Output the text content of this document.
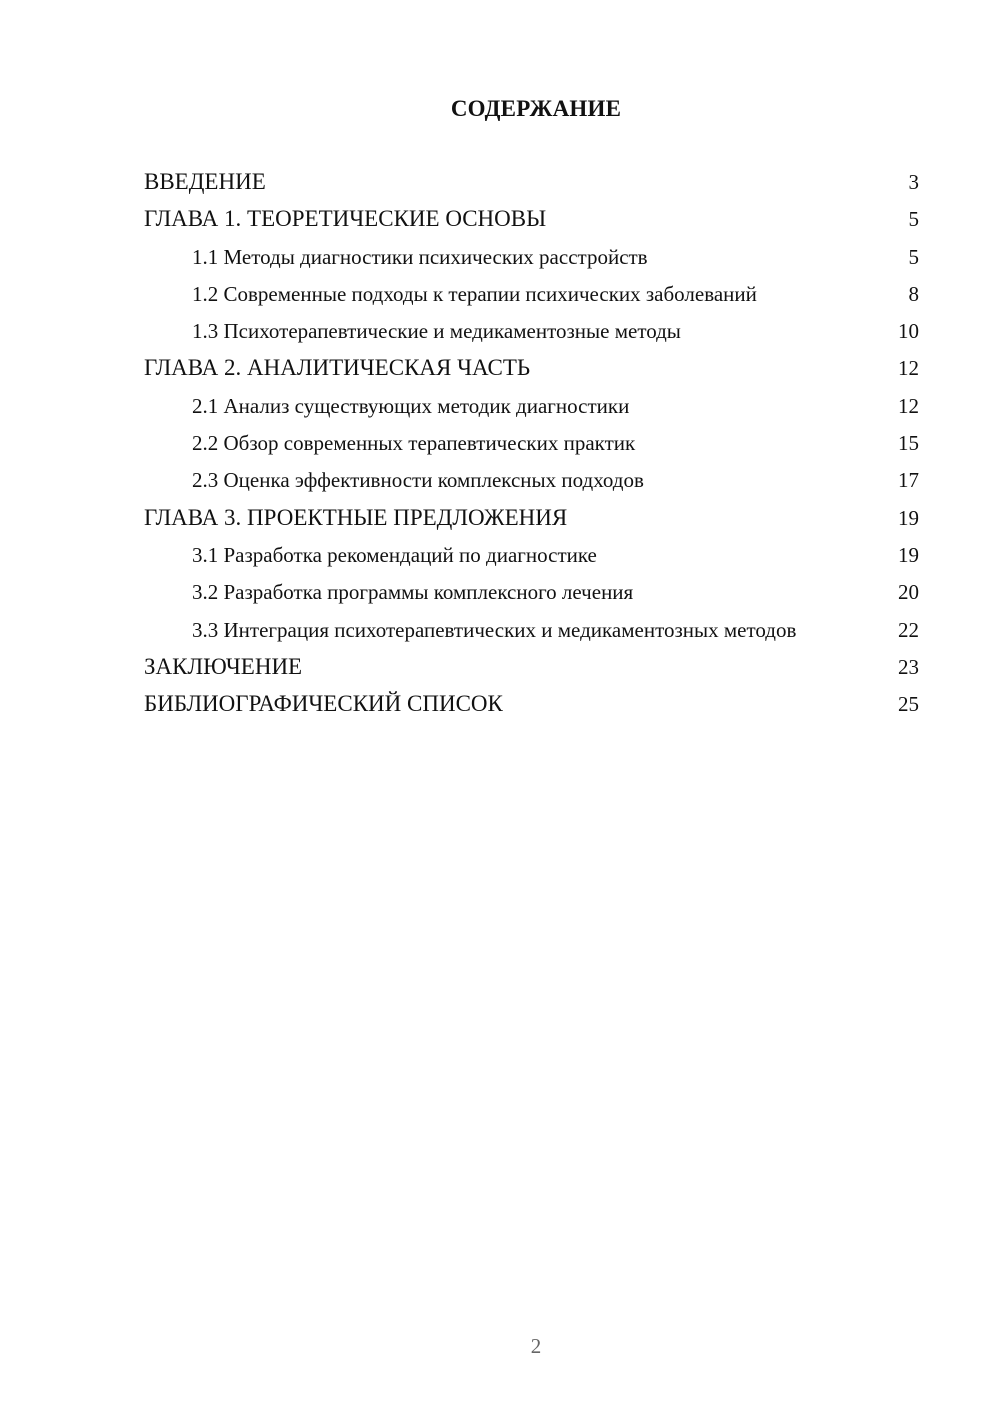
СОДЕРЖАНИЕ
ВВЕДЕНИЕ	3
ГЛАВА 1. ТЕОРЕТИЧЕСКИЕ ОСНОВЫ	5
1.1 Методы диагностики психических расстройств	5
1.2 Современные подходы к терапии психических заболеваний	8
1.3 Психотерапевтические и медикаментозные методы	10
ГЛАВА 2. АНАЛИТИЧЕСКАЯ ЧАСТЬ	12
2.1 Анализ существующих методик диагностики	12
2.2 Обзор современных терапевтических практик	15
2.3 Оценка эффективности комплексных подходов	17
ГЛАВА 3. ПРОЕКТНЫЕ ПРЕДЛОЖЕНИЯ	19
3.1 Разработка рекомендаций по диагностике	19
3.2 Разработка программы комплексного лечения	20
3.3 Интеграция психотерапевтических и медикаментозных методов	22
ЗАКЛЮЧЕНИЕ	23
БИБЛИОГРАФИЧЕСКИЙ СПИСОК	25
2
